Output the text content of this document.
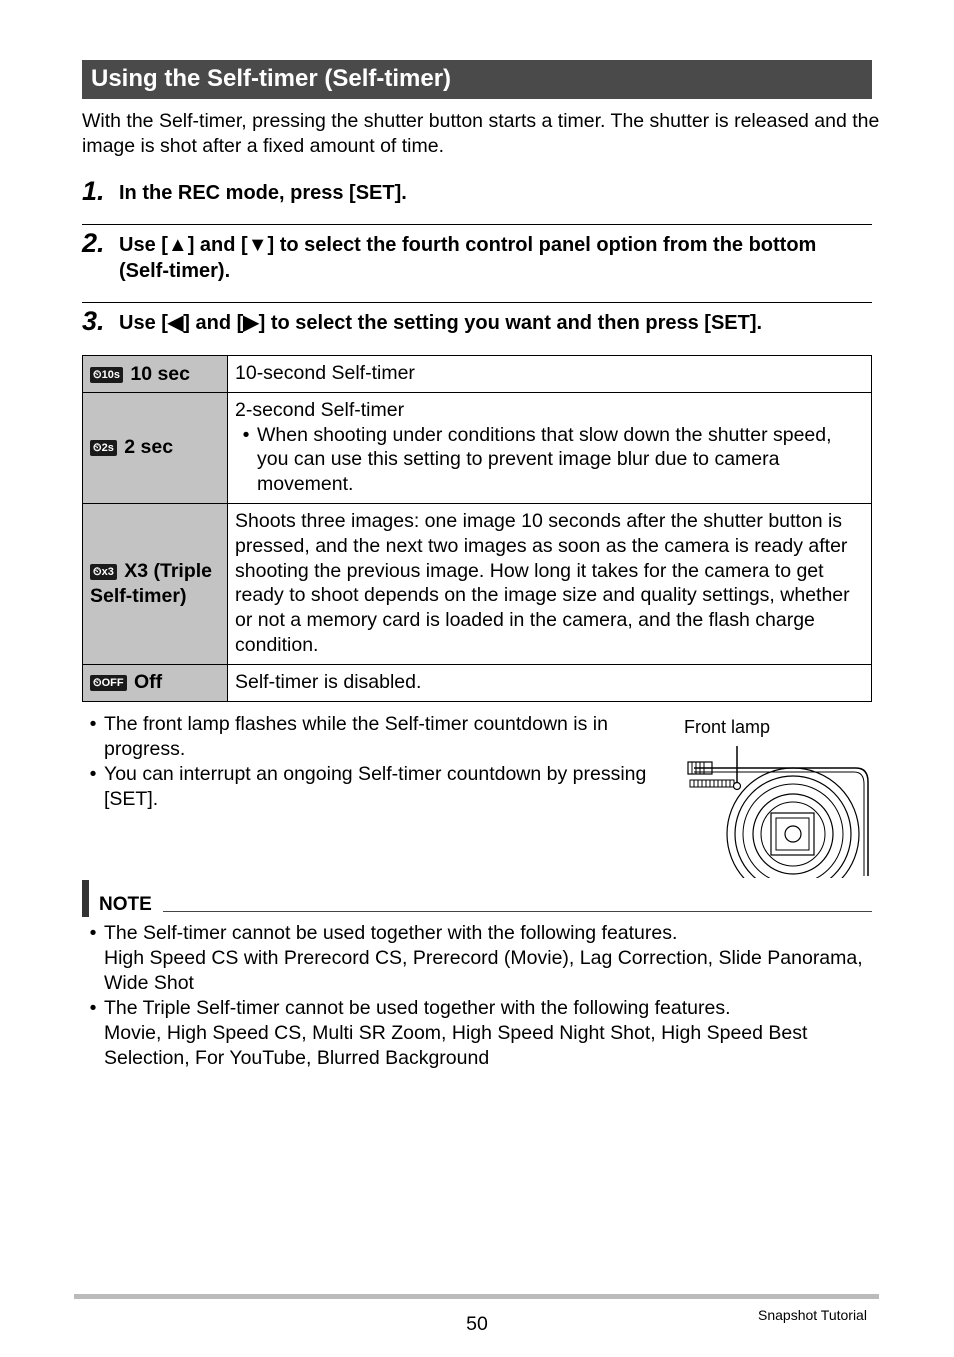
Using the Self-timer (Self-timer)
With the Self-timer, pressing the shutter button starts a timer. The shutter is released and the image is shot after a fixed amount of time.
1. In the REC mode, press [SET].
2. Use [▲] and [▼] to select the fourth control panel option from the bottom (Self-timer).
3. Use [◀] and [▶] to select the setting you want and then press [SET].
⏲10s 10 sec	10-second Self-timer

⏲2s 2 sec	2-second Self-timer
• When shooting under conditions that slow down the shutter speed, you can use this setting to prevent image blur due to camera movement.

⏲x3 X3 (Triple Self-timer)	Shoots three images: one image 10 seconds after the shutter button is pressed, and the next two images as soon as the camera is ready after shooting the previous image. How long it takes for the camera to get ready to shoot depends on the image size and quality settings, whether or not a memory card is loaded in the camera, and the flash charge condition.

⏲OFF Off	Self-timer is disabled.
• The front lamp flashes while the Self-timer countdown is in progress.
• You can interrupt an ongoing Self-timer countdown by pressing [SET].
Front lamp
NOTE
• The Self-timer cannot be used together with the following features.
High Speed CS with Prerecord CS, Prerecord (Movie), Lag Correction, Slide Panorama, Wide Shot
• The Triple Self-timer cannot be used together with the following features.
Movie, High Speed CS, Multi SR Zoom, High Speed Night Shot, High Speed Best Selection, For YouTube, Blurred Background
50	Snapshot Tutorial
